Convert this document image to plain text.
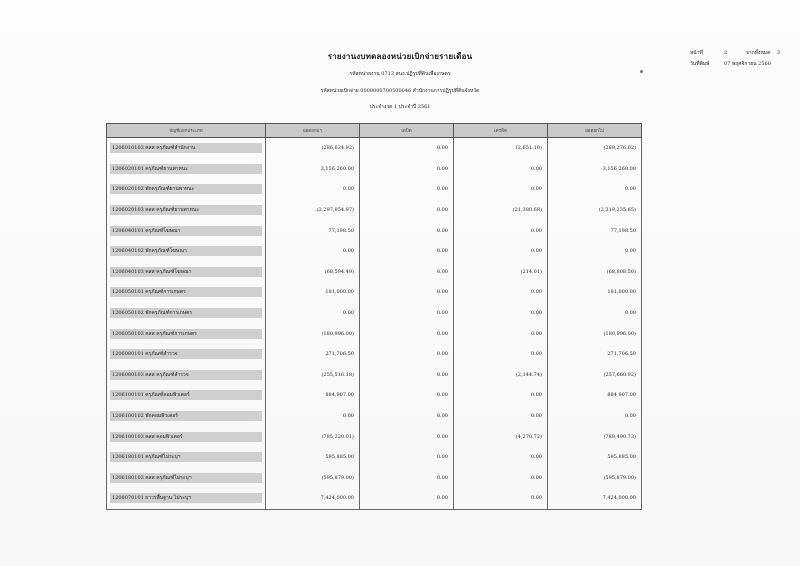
รายงานงบทดลองหน่วยเบิกจ่ายรายเดือน
รหัสหน่วยงาน 0713 สนง.ปฏิรูปที่ดินเพื่อเกษตร
รหัสหน่วยเบิกจ่าย 0000000700500046 สำนักงานการปฏิรูปที่ดินจังหวัด
ประจำงวด 1 ประจำปี 2561
หน้าที่	2	จากทั้งหมด 3
วันที่พิมพ์	07 พฤศจิกายน 2560
บัญชีแยกประเภท	ยอดยกมา	เดบิต	เครดิต	ยอดยกไป

1206010103  คสส ครุภัณฑ์สำนักงาน	(286,624.92)	0.00	(2,651.10)	(289,276.02)

1206020101  ครุภัณฑ์ยานพาหนะ	3,156,260.00	0.00	0.00	3,156,260.00

1206020102  พักครุภัณฑ์ยานพาหนะ	0.00	0.00	0.00	0.00

1206020103  คสส ครุภัณฑ์ยานพาหนะ	(2,297,854.97)	0.00	(21,380.68)	(2,319,235.65)

1206040101  ครุภัณฑ์โฆษณา	77,198.50	0.00	0.00	77,198.50

1206040102  พักครุภัณฑ์โฆษณา	0.00	0.00	0.00	0.00

1206040103  คสส ครุภัณฑ์โฆษณา	(68,594.49)	0.00	(214.01)	(68,808.50)

1206050101  ครุภัณฑ์การเกษตร	181,000.00	0.00	0.00	181,000.00

1206050102  พักครุภัณฑ์การเกษตร	0.00	0.00	0.00	0.00

1206050103  คสส ครุภัณฑ์การเกษตร	(180,996.00)	0.00	0.00	(180,996.00)

1206080101  ครุภัณฑ์สำรวจ	271,706.50	0.00	0.00	271,706.50

1206080103  คสส ครุภัณฑ์สำรวจ	(255,516.18)	0.00	(2,144.74)	(257,660.92)

1206100101  ครุภัณฑ์คอมพิวเตอร์	884,907.00	0.00	0.00	884,907.00

1206100102  พักคอมพิวเตอร์	0.00	0.00	0.00	0.00

1206100103  คสส คอมพิวเตอร์	(785,220.01)	0.00	(4,270.72)	(789,490.73)

1206180101  ครุภัณฑ์ไม่ระบุฯ	595,885.00	0.00	0.00	595,885.00

1206180103  คสส ครุภัณฑ์ไม่ระบุฯ	(595,879.00)	0.00	0.00	(595,879.00)

1208070101  ถาวรพื้นฐาน ไม่ระบุฯ	7,424,000.00	0.00	0.00	7,424,000.00
